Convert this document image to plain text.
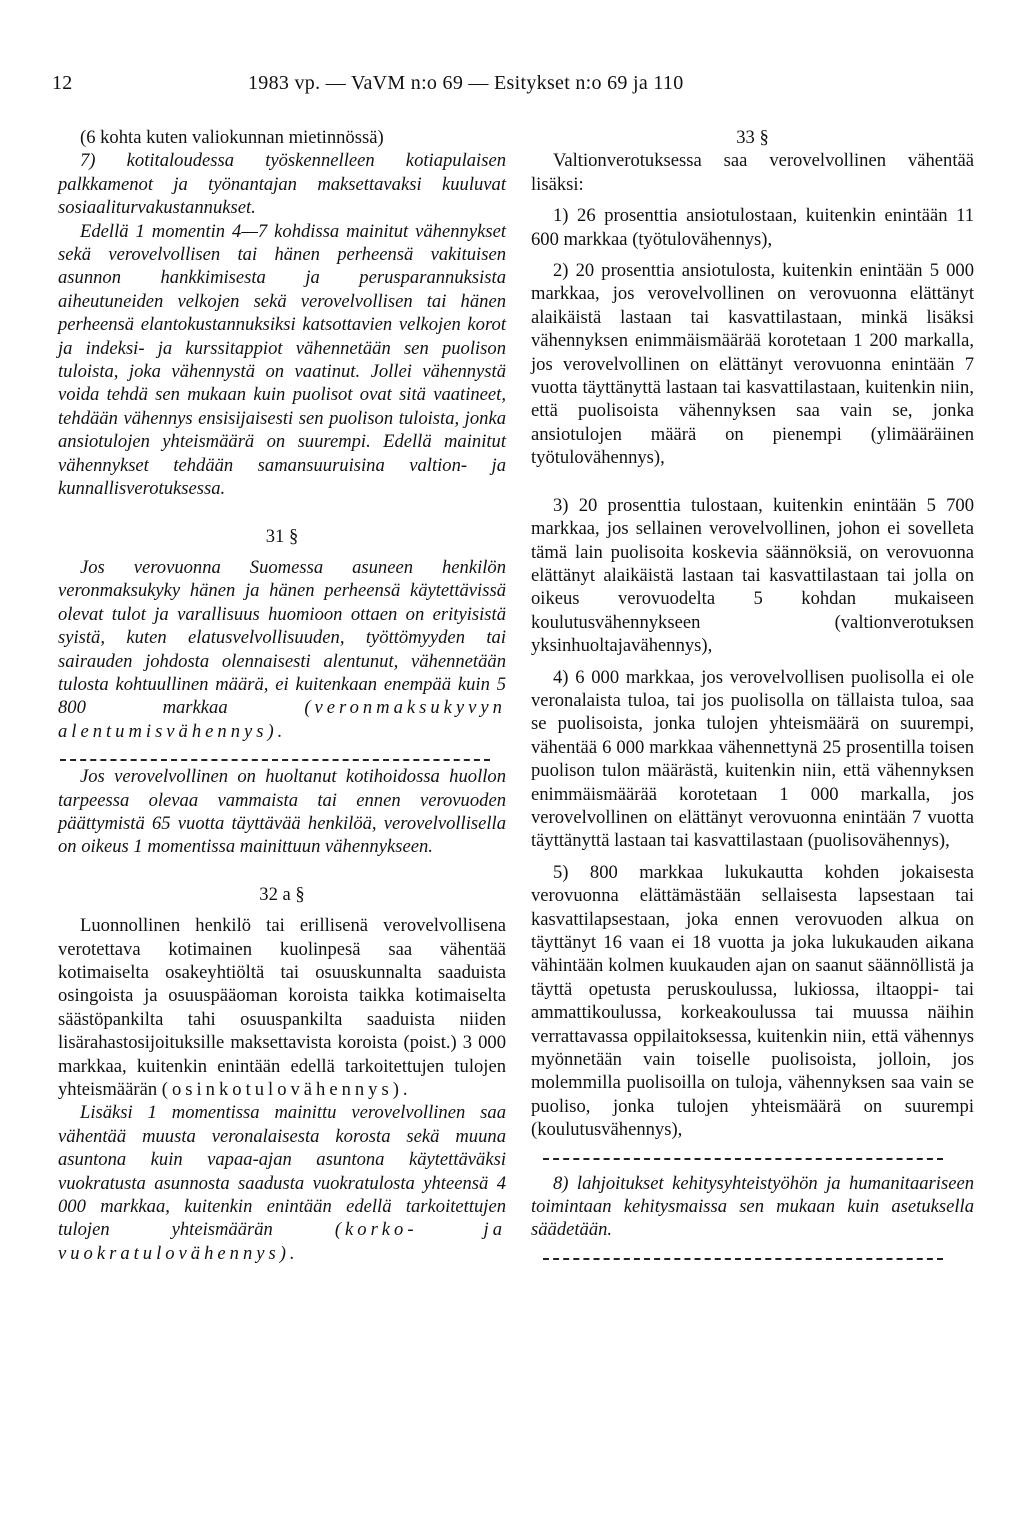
12	1983 vp. — VaVM n:o 69 — Esitykset n:o 69 ja 110

(6 kohta kuten valiokunnan mietinnössä)

7) kotitaloudessa työskennelleen kotiapulaisen palkkamenot ja työnantajan maksettavaksi kuuluvat sosiaaliturvakustannukset.

Edellä 1 momentin 4—7 kohdissa mainitut vähennykset sekä verovelvollisen tai hänen perheensä vakituisen asunnon hankkimisesta ja perusparannuksista aiheutuneiden velkojen sekä verovelvollisen tai hänen perheensä elantokustannuksiksi katsottavien velkojen korot ja indeksi- ja kurssitappiot vähennetään sen puolison tuloista, joka vähennystä on vaatinut. Jollei vähennystä voida tehdä sen mukaan kuin puolisot ovat sitä vaatineet, tehdään vähennys ensisijaisesti sen puolison tuloista, jonka ansiotulojen yhteismäärä on suurempi. Edellä mainitut vähennykset tehdään samansuuruisina valtion- ja kunnallisverotuksessa.

31 §

Jos verovuonna Suomessa asuneen henkilön veronmaksukyky hänen ja hänen perheensä käytettävissä olevat tulot ja varallisuus huomioon ottaen on erityisistä syistä, kuten elatusvelvollisuuden, työttömyyden tai sairauden johdosta olennaisesti alentunut, vähennetään tulosta kohtuullinen määrä, ei kuitenkaan enempää kuin 5 800 markkaa	(veronmaksukyvyn alentumisvähennys).

Jos verovelvollinen on huoltanut kotihoidossa huollon tarpeessa olevaa vammaista tai ennen verovuoden päättymistä 65 vuotta täyttävää henkilöä, verovelvollisella on oikeus 1 momentissa mainittuun vähennykseen.

32 a §

Luonnollinen henkilö tai erillisenä verovelvollisena verotettava kotimainen kuolinpesä saa vähentää kotimaiselta osakeyhtiöltä tai osuuskunnalta saaduista osingoista ja osuuspääoman koroista taikka kotimaiselta säästöpankilta tahi osuuspankilta saaduista niiden lisärahastosijoituksille maksettavista koroista (poist.) 3 000 markkaa, kuitenkin enintään edellä tarkoitettujen tulojen yhteismäärän (osinkotulovähennys).

Lisäksi 1 momentissa mainittu verovelvollinen saa vähentää muusta veronalaisesta korosta sekä muuna asuntona kuin vapaa-ajan asuntona käytettäväksi vuokratusta asunnosta saadusta vuokratulosta yhteensä 4 000 markkaa, kuitenkin enintään edellä tarkoitettujen tulojen yhteismäärän	(korko- ja vuokratulovähennys).

33 §

Valtionverotuksessa saa verovelvollinen vähentää lisäksi:

1) 26 prosenttia ansiotulostaan, kuitenkin enintään 11 600 markkaa (työtulovähennys),

2) 20 prosenttia ansiotulosta, kuitenkin enintään 5 000 markkaa, jos verovelvollinen on verovuonna elättänyt alaikäistä lastaan tai kasvattilastaan, minkä lisäksi vähennyksen enimmäismäärää korotetaan 1 200 markalla, jos verovelvollinen on elättänyt verovuonna enintään 7 vuotta täyttänyttä lastaan tai kasvattilastaan, kuitenkin niin, että puolisoista vähennyksen saa vain se, jonka ansiotulojen määrä on pienempi (ylimääräinen työtulovähennys),

3) 20 prosenttia tulostaan, kuitenkin enintään 5 700 markkaa, jos sellainen verovelvollinen, johon ei sovelleta tämä lain puolisoita koskevia säännöksiä, on verovuonna elättänyt alaikäistä lastaan tai kasvattilastaan tai jolla on oikeus verovuodelta 5 kohdan mukaiseen koulutusvähennykseen (valtionverotuksen yksinhuoltajavähennys),

4) 6 000 markkaa, jos verovelvollisen puolisolla ei ole veronalaista tuloa, tai jos puolisolla on tällaista tuloa, saa se puolisoista, jonka tulojen yhteismäärä on suurempi, vähentää 6 000 markkaa vähennettynä 25 prosentilla toisen puolison tulon määrästä, kuitenkin niin, että vähennyksen enimmäismäärää korotetaan 1 000 markalla, jos verovelvollinen on elättänyt verovuonna enintään 7 vuotta täyttänyttä lastaan tai kasvattilastaan (puolisovähennys),

5) 800 markkaa lukukautta kohden jokaisesta verovuonna elättämästään sellaisesta lapsestaan tai kasvattilapsestaan, joka ennen verovuoden alkua on täyttänyt 16 vaan ei 18 vuotta ja joka lukukauden aikana vähintään kolmen kuukauden ajan on saanut säännöllistä ja täyttä opetusta peruskoulussa, lukiossa, iltaoppi- tai ammattikoulussa, korkeakoulussa tai muussa näihin verrattavassa oppilaitoksessa, kuitenkin niin, että vähennys myönnetään vain toiselle puolisoista, jolloin, jos molemmilla puolisoilla on tuloja, vähennyksen saa vain se puoliso, jonka tulojen yhteismäärä on suurempi (koulutusvähennys),

8) lahjoitukset kehitysyhteistyöhön ja humanitaariseen toimintaan kehitysmaissa sen mukaan kuin asetuksella säädetään.
